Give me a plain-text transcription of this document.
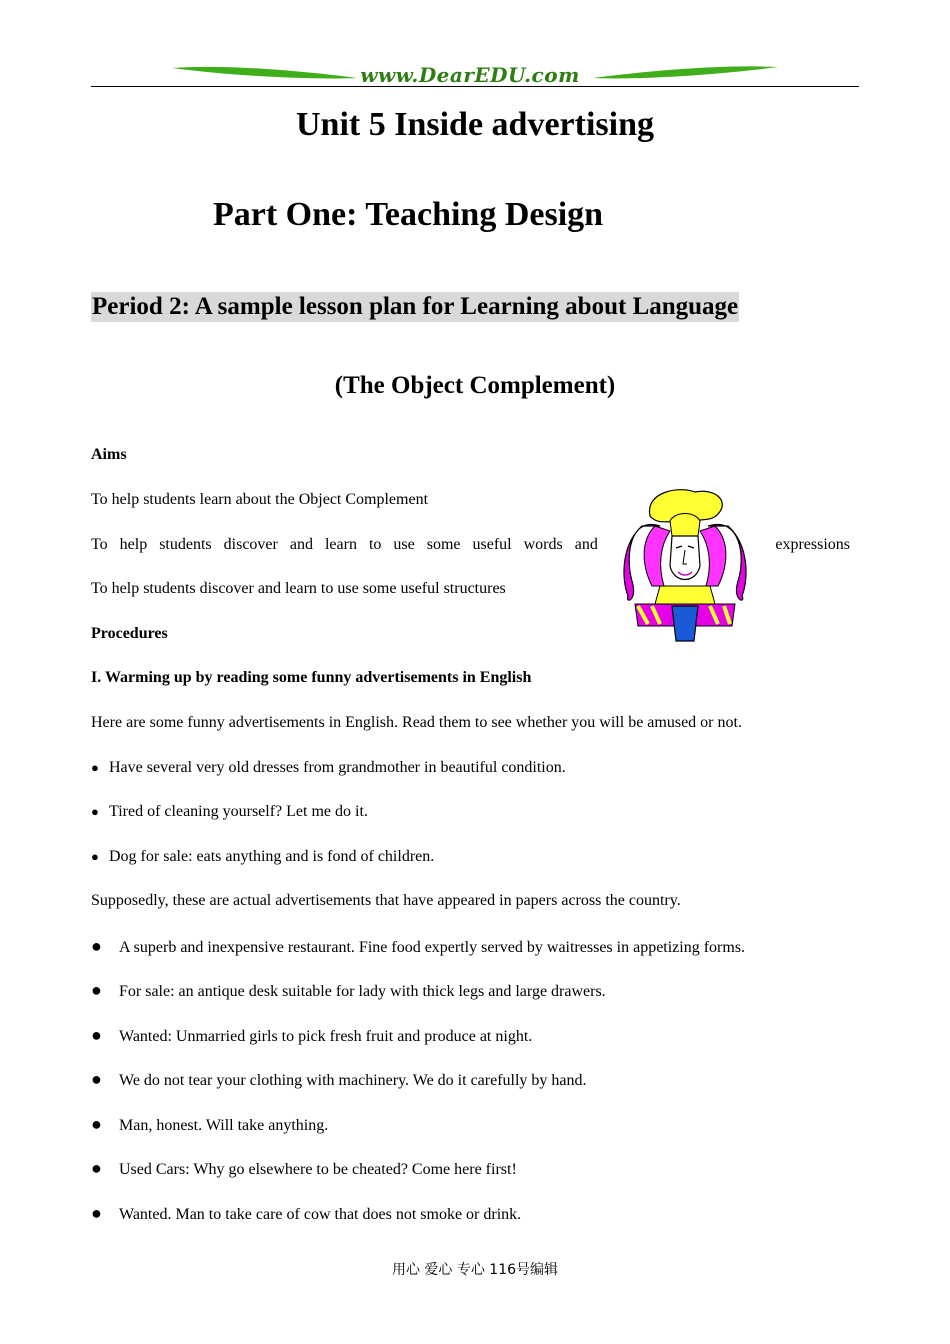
www.DearEDU.com
Unit 5 Inside advertising
Part One: Teaching Design
Period 2: A sample lesson plan for Learning about Language
(The Object Complement)
Aims
To help students learn about the Object Complement
To help students discover and learn to use some useful words and	expressions
To help students discover and learn to use some useful structures
Procedures
I. Warming up by reading some funny advertisements in English
Here are some funny advertisements in English. Read them to see whether you will be amused or not.
● Have several very old dresses from grandmother in beautiful condition.
● Tired of cleaning yourself? Let me do it.
● Dog for sale: eats anything and is fond of children.
Supposedly, these are actual advertisements that have appeared in papers across the country.
● A superb and inexpensive restaurant. Fine food expertly served by waitresses in appetizing forms.
● For sale: an antique desk suitable for lady with thick legs and large drawers.
● Wanted: Unmarried girls to pick fresh fruit and produce at night.
● We do not tear your clothing with machinery. We do it carefully by hand.
● Man, honest. Will take anything.
● Used Cars: Why go elsewhere to be cheated? Come here first!
● Wanted. Man to take care of cow that does not smoke or drink.
用心 爱心 专心 116号编辑
